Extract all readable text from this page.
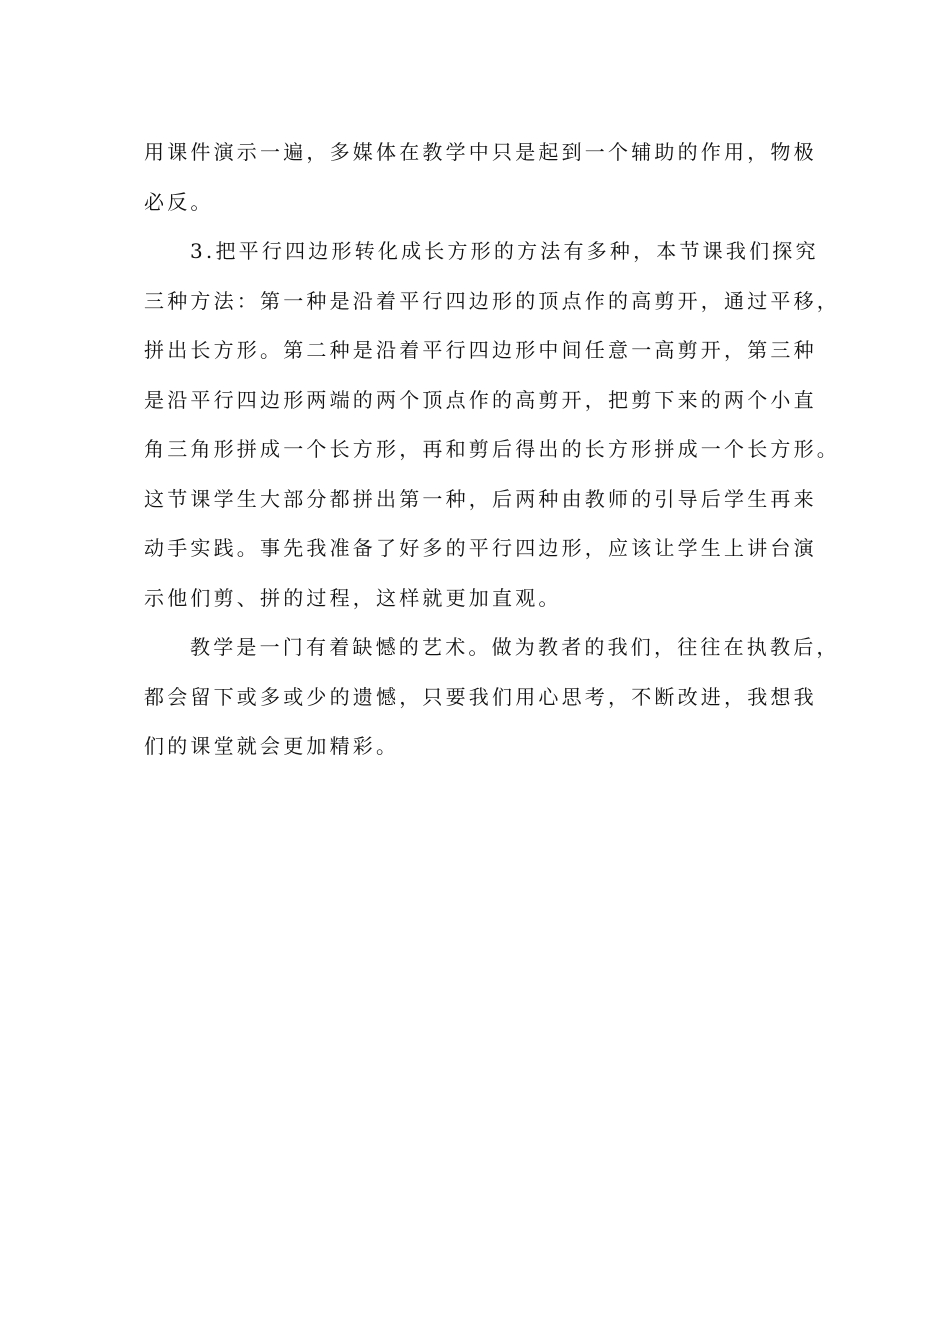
用课件演示一遍，多媒体在教学中只是起到一个辅助的作用，物极
必反。
3.把平行四边形转化成长方形的方法有多种，本节课我们探究
三种方法：第一种是沿着平行四边形的顶点作的高剪开，通过平移，
拼出长方形。第二种是沿着平行四边形中间任意一高剪开，第三种
是沿平行四边形两端的两个顶点作的高剪开，把剪下来的两个小直
角三角形拼成一个长方形，再和剪后得出的长方形拼成一个长方形。
这节课学生大部分都拼出第一种，后两种由教师的引导后学生再来
动手实践。事先我准备了好多的平行四边形，应该让学生上讲台演
示他们剪、拼的过程，这样就更加直观。
教学是一门有着缺憾的艺术。做为教者的我们，往往在执教后，
都会留下或多或少的遗憾，只要我们用心思考，不断改进，我想我
们的课堂就会更加精彩。
